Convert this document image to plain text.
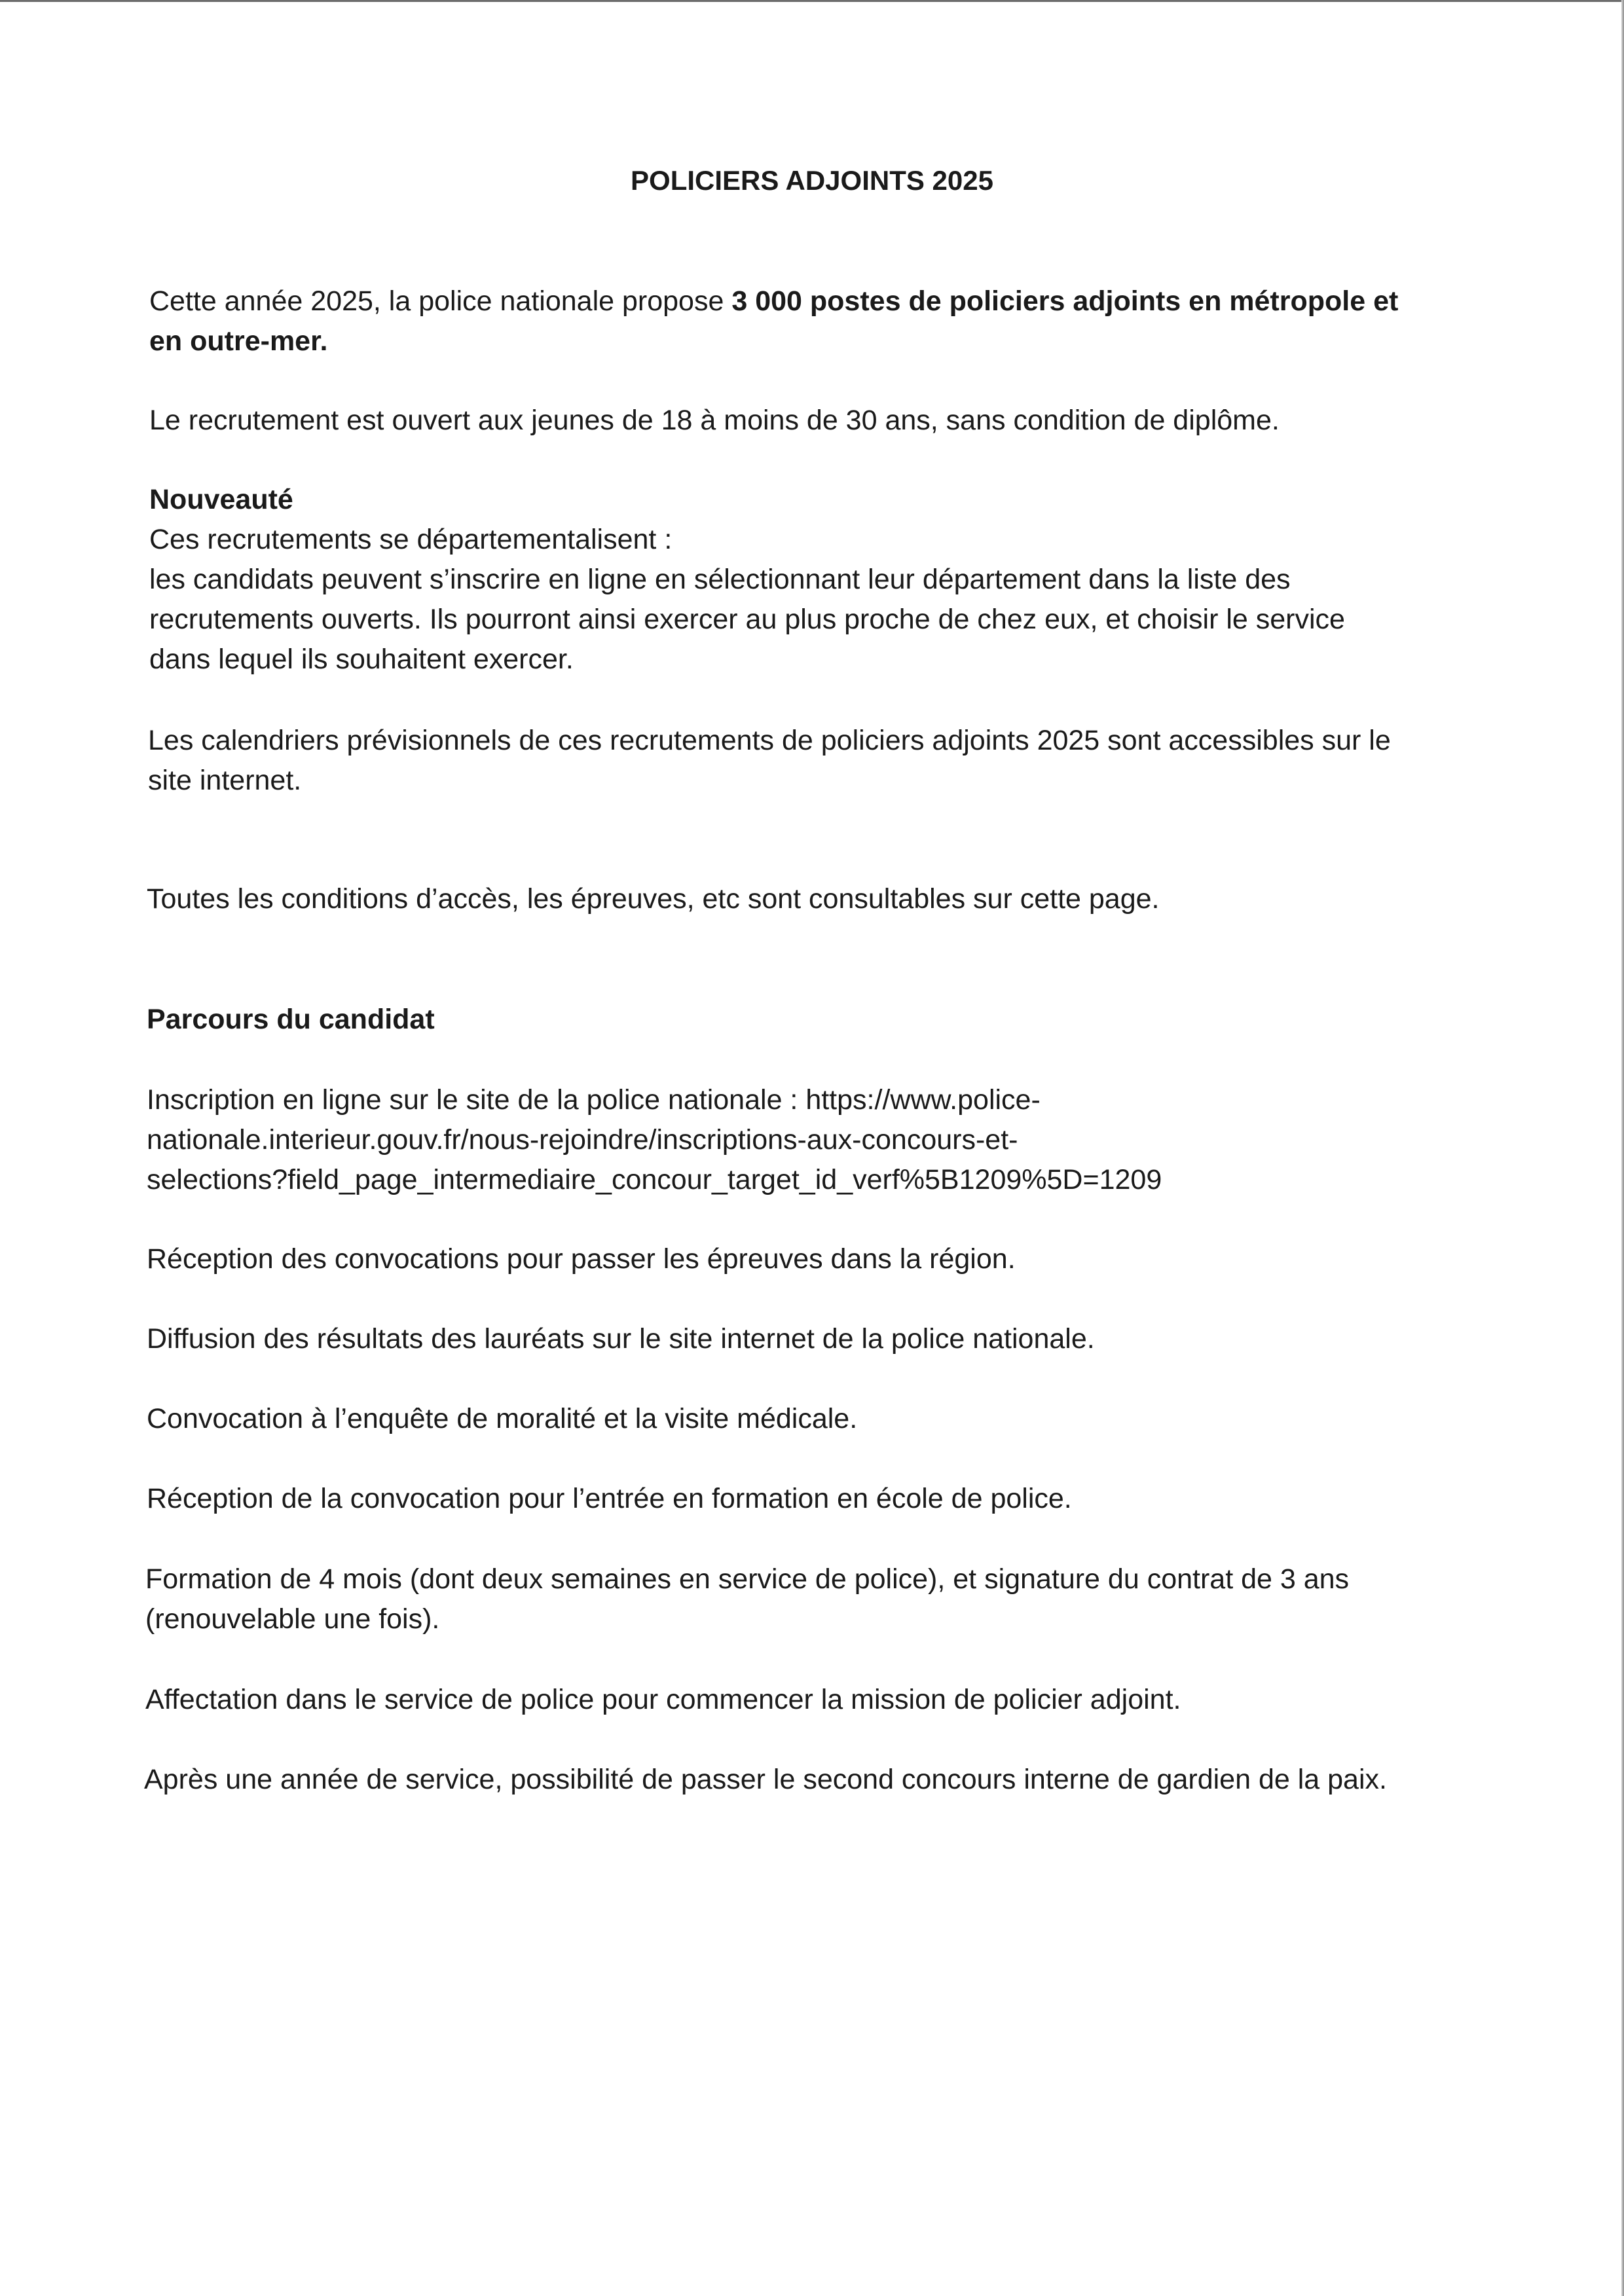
POLICIERS ADJOINTS 2025
Cette année 2025, la police nationale propose 3 000 postes de policiers adjoints en métropole et
en outre-mer.
Le recrutement est ouvert aux jeunes de 18 à moins de 30 ans, sans condition de diplôme.
Nouveauté
Ces recrutements se départementalisent :
les candidats peuvent s’inscrire en ligne en sélectionnant leur département dans la liste des
recrutements ouverts. Ils pourront ainsi exercer au plus proche de chez eux, et choisir le service
dans lequel ils souhaitent exercer.
Les calendriers prévisionnels de ces recrutements de policiers adjoints 2025 sont accessibles sur le
site internet.
Toutes les conditions d’accès, les épreuves, etc sont consultables sur cette page.
Parcours du candidat
Inscription en ligne sur le site de la police nationale : https://www.police-
nationale.interieur.gouv.fr/nous-rejoindre/inscriptions-aux-concours-et-
selections?field_page_intermediaire_concour_target_id_verf%5B1209%5D=1209
Réception des convocations pour passer les épreuves dans la région.
Diffusion des résultats des lauréats sur le site internet de la police nationale.
Convocation à l’enquête de moralité et la visite médicale.
Réception de la convocation pour l’entrée en formation en école de police.
Formation de 4 mois (dont deux semaines en service de police), et signature du contrat de 3 ans
(renouvelable une fois).
Affectation dans le service de police pour commencer la mission de policier adjoint.
Après une année de service, possibilité de passer le second concours interne de gardien de la paix.
